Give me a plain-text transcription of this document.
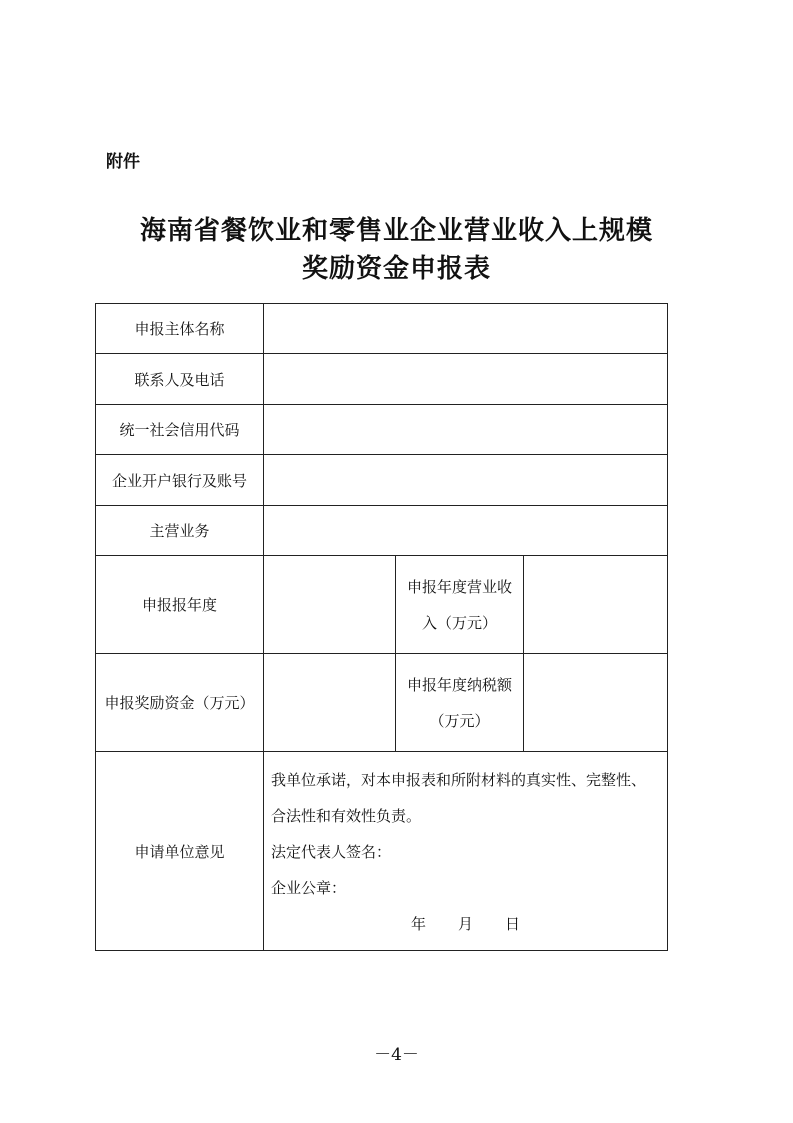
附件
海南省餐饮业和零售业企业营业收入上规模
奖励资金申报表
申报主体名称			
联系人及电话			
统一社会信用代码			
企业开户银行及账号			
主营业务			
申报报年度		申报年度营业收
入（万元）	

申报奖励资金（万元）		申报年度纳税额
（万元）	

申请单位意见	我单位承诺，对本申报表和所附材料的真实性、完整性、
合法性和有效性负责。
法定代表人签名：
企业公章：
年 月 日		
－4－
